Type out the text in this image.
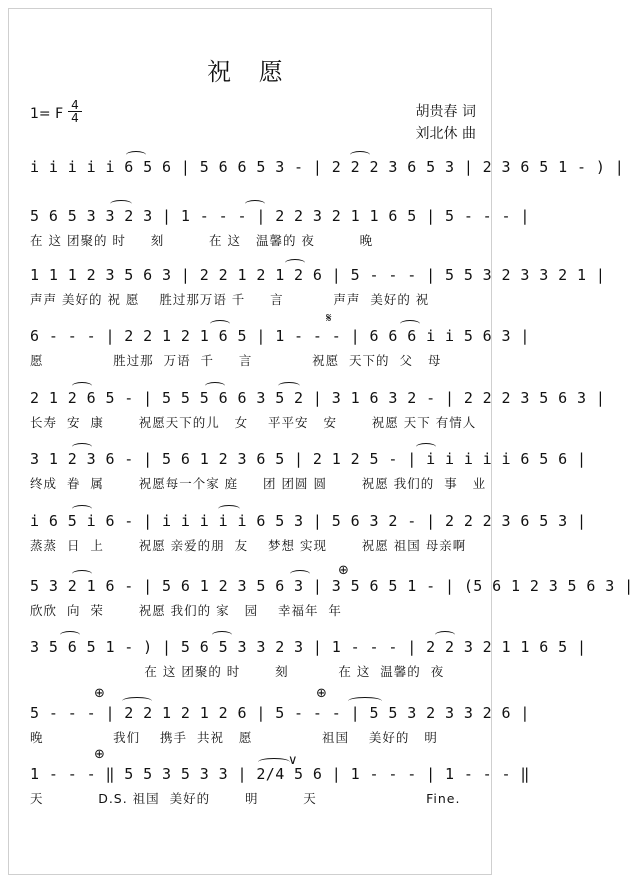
祝 愿
1= F
4
4	胡贵春 词
刘北休 曲
i i i i i 6 5 6 | 5 6 6 5 3 - | 2 2 2 3 6 5 3 | 2 3 6 5 1 - ) |
5 6 5 3 3 2 3 | 1 - - - | 2 2 3 2 1 1 6 5 | 5 - - - |
在 这 团聚的 时     刻         在 这   温馨的 夜         晚
1 1 1 2 3 5 6 3 | 2 2 1 2 1 2 6 | 5 - - - | 5 5 3 2 3 3 2 1 |
声声 美好的 祝 愿    胜过那万语 千     言          声声  美好的 祝
𝄋
6 - - - | 2 2 1 2 1 6 5 | 1 - - - | 6 6 6 i i 5 6 3 |
愿              胜过那  万语  千     言            祝愿  天下的  父   母
2 1 2 6 5 - | 5 5 5 6 6 3 5 2 | 3 1 6 3 2 - | 2 2 2 3 5 6 3 |
长寿  安  康       祝愿天下的儿   女    平平安   安       祝愿 天下 有情人
3 1 2 3 6 - | 5 6 1 2 3 6 5 | 2 1 2 5 - | i i i i i 6 5 6 |
终成  眷  属       祝愿每一个家 庭     团 团圆 圆       祝愿 我们的  事   业
i 6 5 i 6 - | i i i i i 6 5 3 | 5 6 3 2 - | 2 2 2 3 6 5 3 |
蒸蒸  日  上       祝愿 亲爱的朋  友    梦想 实现       祝愿 祖国 母亲啊
⊕
5 3 2 1 6 - | 5 6 1 2 3 5 6 3 | 3 5 6 5 1 - | (5 6 1 2 3 5 6 3 |
欣欣  向  荣       祝愿 我们的 家   园    幸福年  年
3 5 6 5 1 - ) | 5 6 5 3 3 2 3 | 1 - - - | 2 2 3 2 1 1 6 5 |
在 这 团聚的 时       刻          在 这  温馨的  夜
⊕	⊕
5 - - - | 2 2 1 2 1 2 6 | 5 - - - | 5 5 3 2 3 3 2 6 |
晚              我们    携手  共祝   愿              祖国    美好的   明
⊕	∨
1 - - - ‖ 5 5 3 5 3 3 | 2/4 5 6 | 1 - - - | 1 - - - ‖
天           D.S. 祖国  美好的       明         天                      Fine.
